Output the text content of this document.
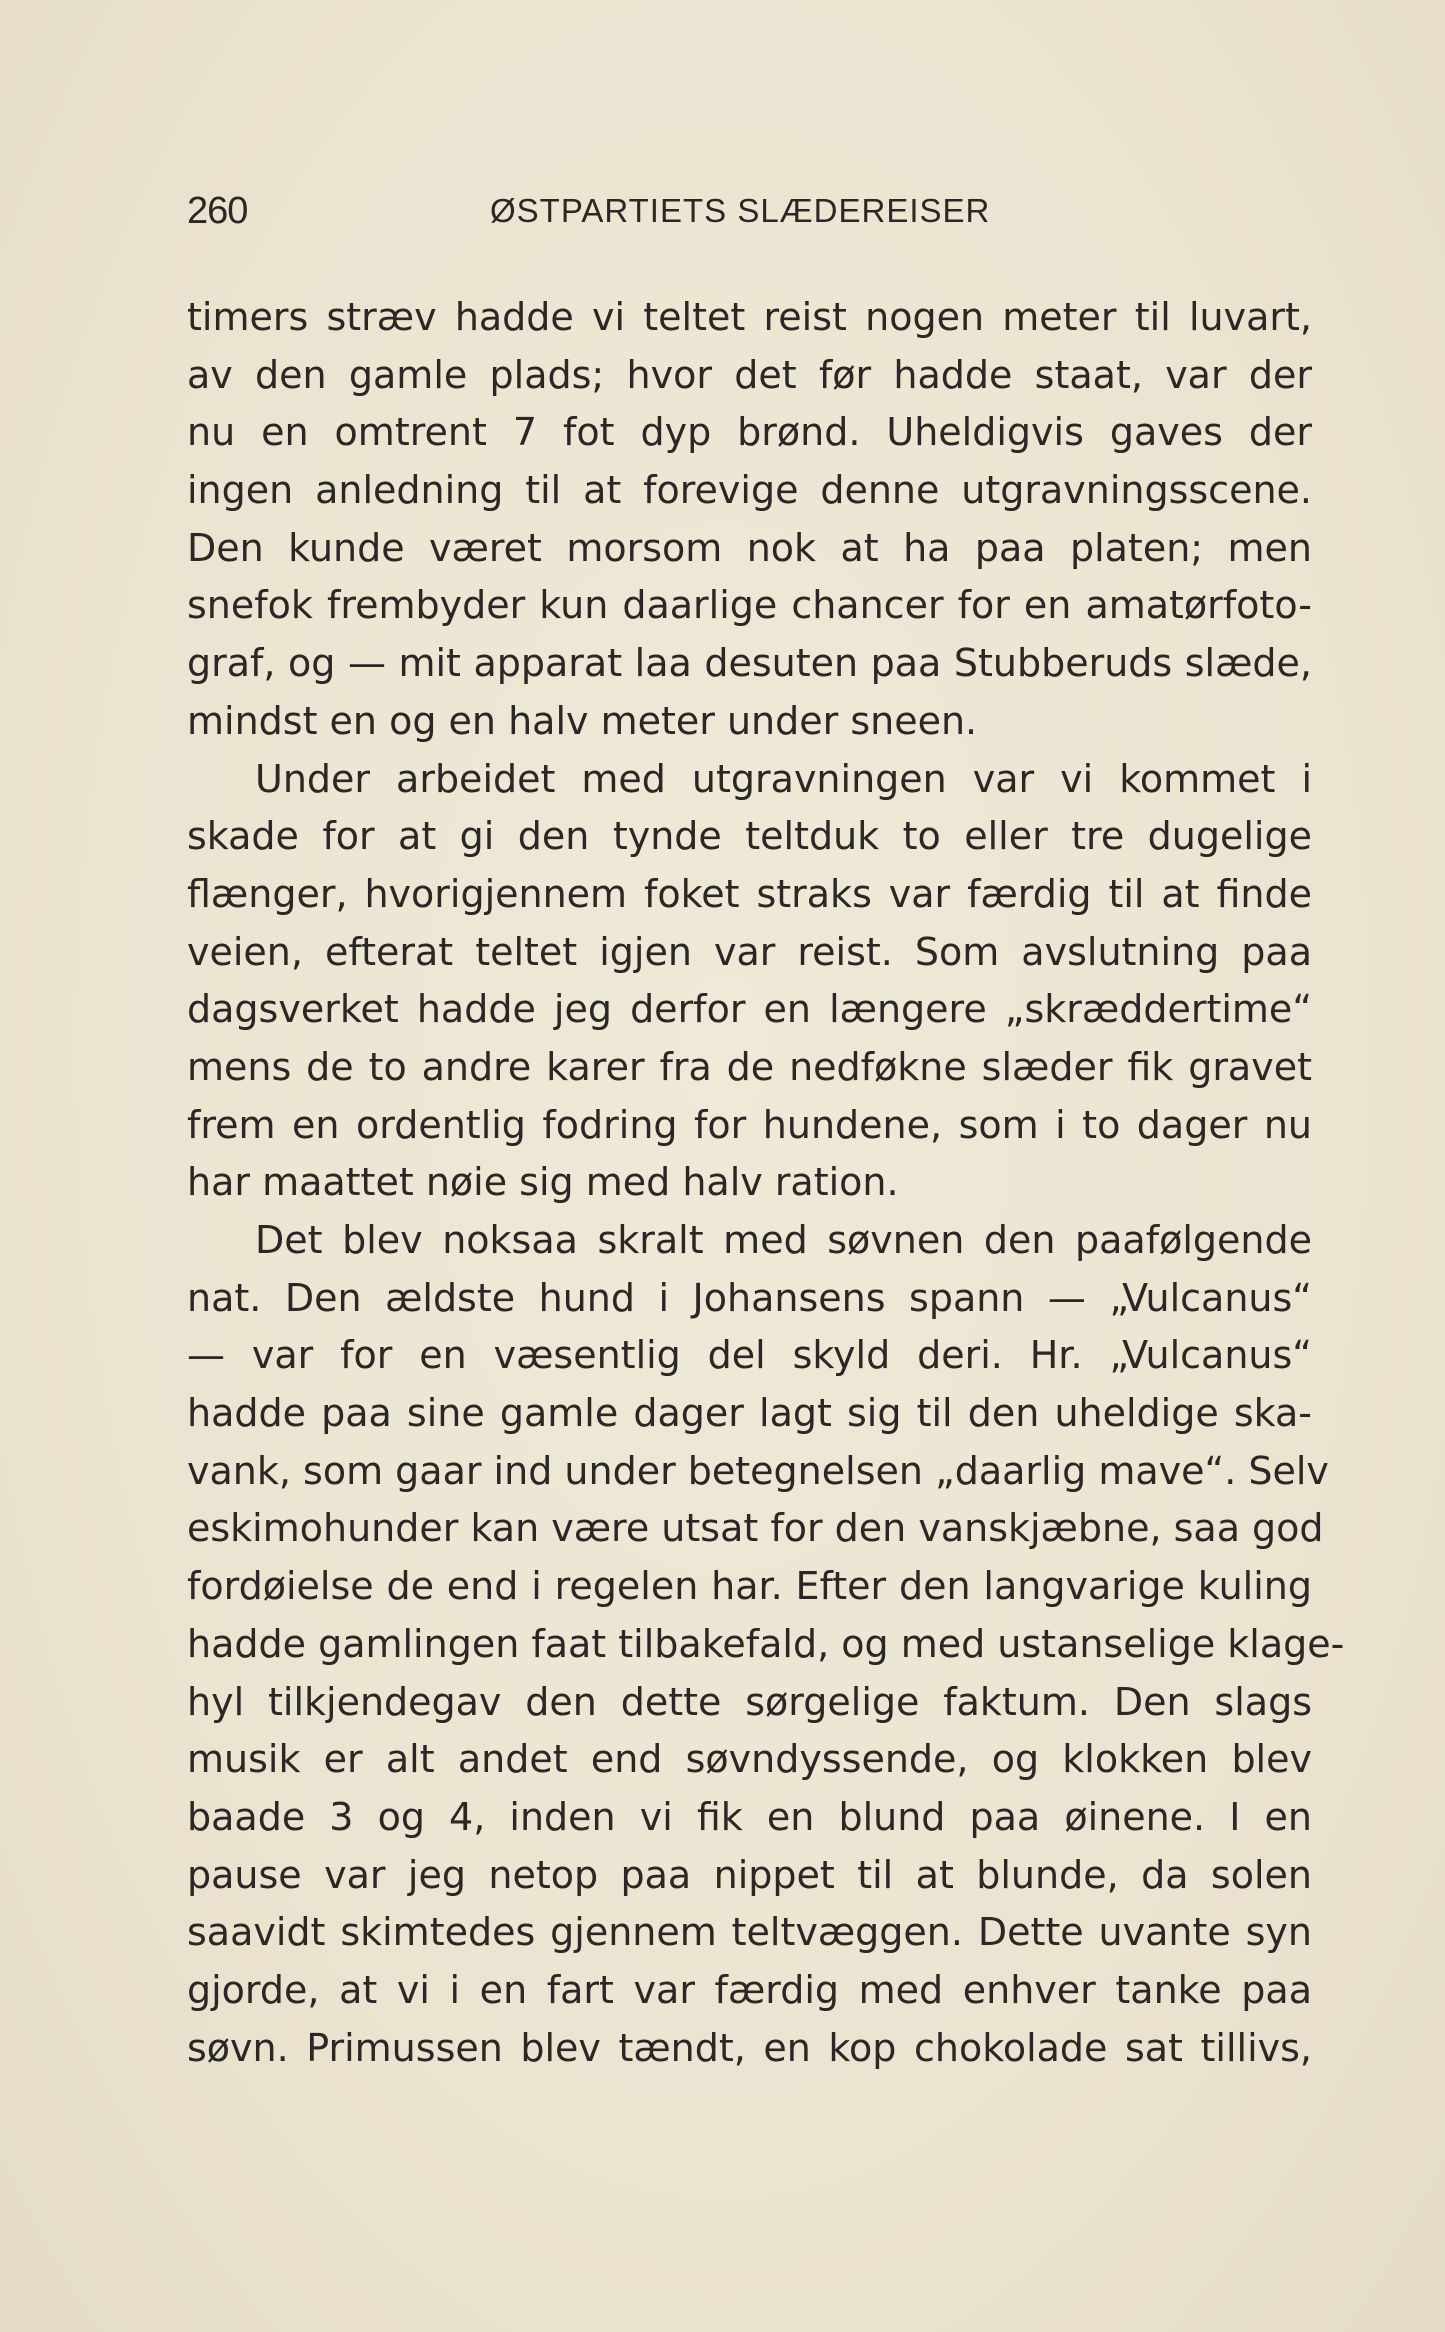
260	ØSTPARTIETS SLÆDEREISER
timers stræv hadde vi teltet reist nogen meter til luvart,
av den gamle plads; hvor det før hadde staat, var der
nu en omtrent 7 fot dyp brønd. Uheldigvis gaves der
ingen anledning til at forevige denne utgravningsscene.
Den kunde været morsom nok at ha paa platen; men
snefok frembyder kun daarlige chancer for en amatørfoto-
graf, og — mit apparat laa desuten paa Stubberuds slæde,
mindst en og en halv meter under sneen.
Under arbeidet med utgravningen var vi kommet i
skade for at gi den tynde teltduk to eller tre dugelige
flænger, hvorigjennem foket straks var færdig til at finde
veien, efterat teltet igjen var reist. Som avslutning paa
dagsverket hadde jeg derfor en længere „skræddertime“
mens de to andre karer fra de nedføkne slæder fik gravet
frem en ordentlig fodring for hundene, som i to dager nu
har maattet nøie sig med halv ration.
Det blev noksaa skralt med søvnen den paafølgende
nat. Den ældste hund i Johansens spann — „Vulcanus“
— var for en væsentlig del skyld deri. Hr. „Vulcanus“
hadde paa sine gamle dager lagt sig til den uheldige ska-
vank, som gaar ind under betegnelsen „daarlig mave“. Selv
eskimohunder kan være utsat for den vanskjæbne, saa god
fordøielse de end i regelen har. Efter den langvarige kuling
hadde gamlingen faat tilbakefald, og med ustanselige klage-
hyl tilkjendegav den dette sørgelige faktum. Den slags
musik er alt andet end søvndyssende, og klokken blev
baade 3 og 4, inden vi fik en blund paa øinene. I en
pause var jeg netop paa nippet til at blunde, da solen
saavidt skimtedes gjennem teltvæggen. Dette uvante syn
gjorde, at vi i en fart var færdig med enhver tanke paa
søvn. Primussen blev tændt, en kop chokolade sat tillivs,
